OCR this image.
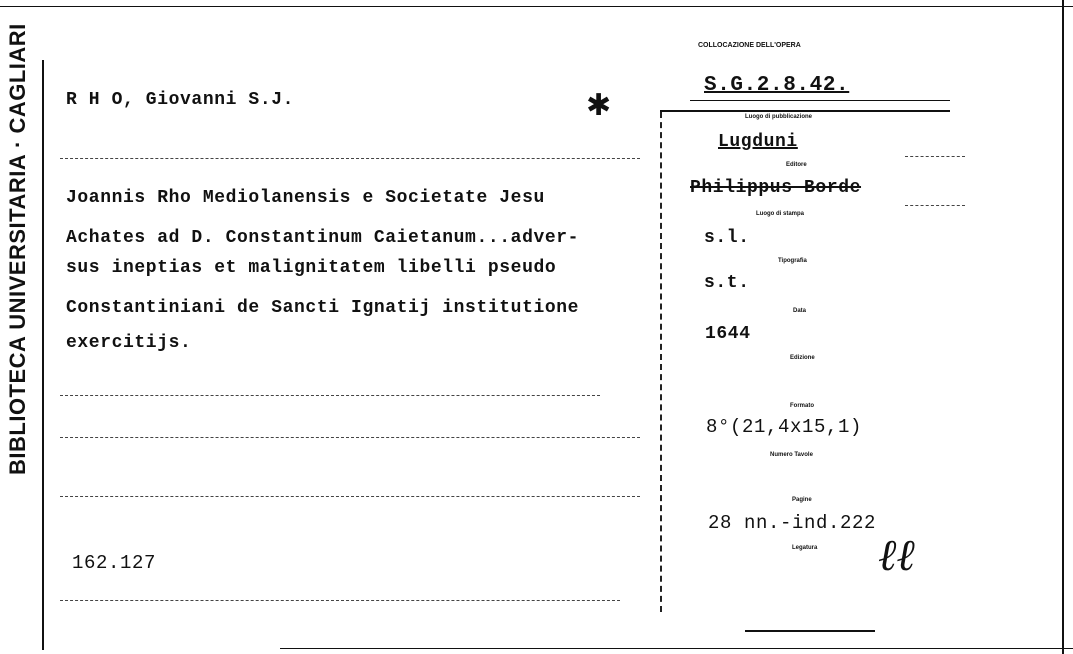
BIBLIOTECA UNIVERSITARIA · CAGLIARI R H O, Giovanni S.J.	✱
Joannis Rho Mediolanensis e Societate Jesu
Achates ad D. Constantinum Caietanum...adver-
sus ineptias et malignitatem libelli pseudo
Constantiniani de Sancti Ignatij institutione
exercitijs.
162.127
COLLOCAZIONE DELL'OPERA
S.G.2.8.42.
Luogo di pubblicazione
Lugduni
Editore
Philippus Borde
Luogo di stampa
s.l.
Tipografia
s.t.
Data
1644
Edizione
Formato
8°(21,4x15,1)
Numero Tavole
Pagine
28 nn.-ind.222
Legatura ℓℓ
